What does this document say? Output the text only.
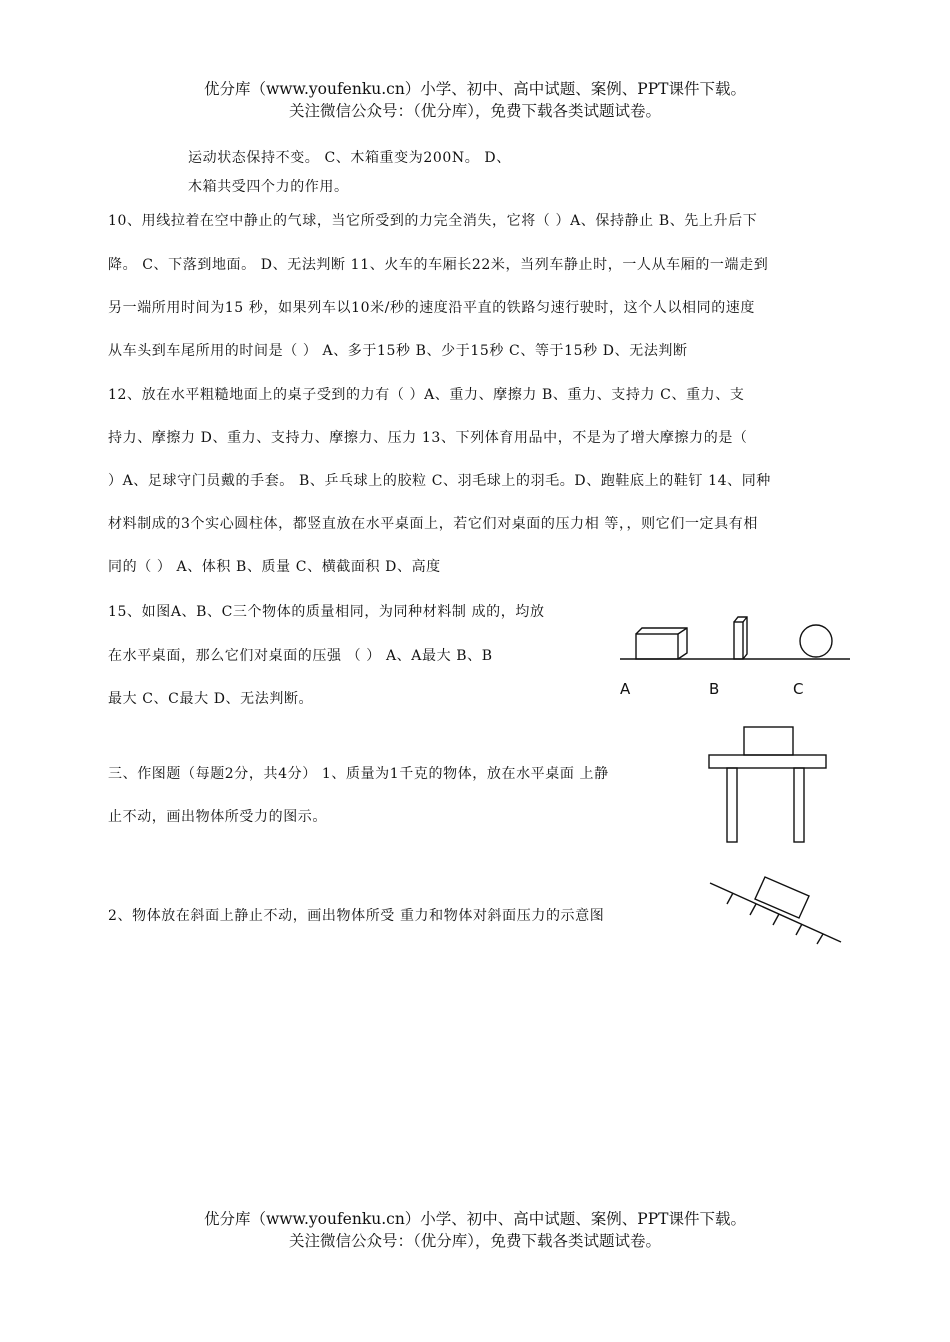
优分库（www.youfenku.cn）小学、初中、高中试题、案例、PPT课件下载。
关注微信公众号：（优分库），免费下载各类试题试卷。
运动状态保持不变。 C、木箱重变为200N。 D、
木箱共受四个力的作用。
10、用线拉着在空中静止的气球，当它所受到的力完全消失，它将（ ）A、保持静止 B、先上升后下
降。 C、下落到地面。 D、无法判断 11、火车的车厢长22米，当列车静止时，一人从车厢的一端走到
另一端所用时间为15 秒，如果列车以10米/秒的速度沿平直的铁路匀速行驶时，这个人以相同的速度
从车头到车尾所用的时间是（ ） A、多于15秒 B、少于15秒 C、等于15秒 D、无法判断
12、放在水平粗糙地面上的桌子受到的力有（ ）A、重力、摩擦力 B、重力、支持力 C、重力、支
持力、摩擦力 D、重力、支持力、摩擦力、压力 13、下列体育用品中，不是为了增大摩擦力的是（
）A、足球守门员戴的手套。 B、乒乓球上的胶粒 C、羽毛球上的羽毛。D、跑鞋底上的鞋钉 14、同种
材料制成的3个实心圆柱体，都竖直放在水平桌面上，若它们对桌面的压力相 等，，则它们一定具有相
同的（ ） A、体积 B、质量 C、横截面积 D、高度
15、如图A、B、C三个物体的质量相同，为同种材料制 成的，均放
在水平桌面，那么它们对桌面的压强 （ ） A、A最大 B、B
最大 C、C最大 D、无法判断。
三、作图题（每题2分，共4分） 1、质量为1千克的物体，放在水平桌面 上静
止不动，画出物体所受力的图示。
2、物体放在斜面上静止不动，画出物体所受 重力和物体对斜面压力的示意图
A	B	C
优分库（www.youfenku.cn）小学、初中、高中试题、案例、PPT课件下载。
关注微信公众号：（优分库），免费下载各类试题试卷。
